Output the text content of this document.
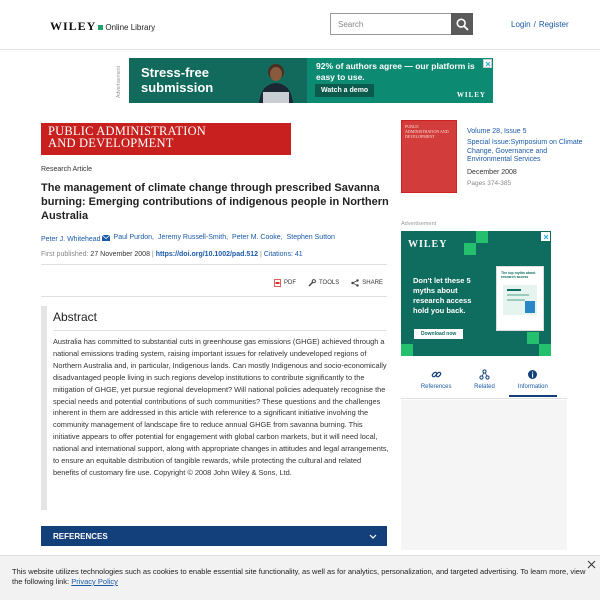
WILEY Online Library
Search	Login / Register
Advertisement	Stress-free
submission
92% of authors agree — our platform is easy to use.
Watch a demo
WILEY
PUBLIC ADMINISTRATION
AND DEVELOPMENT
Research Article
The management of climate change through prescribed Savanna burning: Emerging contributions of indigenous people in Northern Australia
Peter J. Whitehead	Paul Purdon, Jeremy Russell-Smith, Peter M. Cooke, Stephen Sutton
First published: 27 November 2008 | https://doi.org/10.1002/pad.512 | Citations: 41
PDF	TOOLS	SHARE
Abstract

Australia has committed to substantial cuts in greenhouse gas emissions (GHGE) achieved through a national emissions trading system, raising important issues for relatively undeveloped regions of Northern Australia and, in particular, Indigenous lands. Can mostly Indigenous and socio-economically disadvantaged people living in such regions develop institutions to contribute significantly to the mitigation of GHGE, yet pursue regional development? Will national policies adequately recognise the special needs and potential contributions of such communities? These questions and the challenges inherent in them are addressed in this article with reference to a significant initiative involving the community management of landscape fire to reduce annual GHGE from savanna burning. This initiative appears to offer potential for engagement with global carbon markets, but it will need local, national and international support, along with appropriate changes in attitudes and legal arrangements, to ensure an equitable distribution of tangible rewards, while protecting the cultural and related benefits of customary fire use. Copyright © 2008 John Wiley & Sons, Ltd.

REFERENCES
PUBLIC ADMINISTRATION AND DEVELOPMENT
Volume 28, Issue 5
Special Issue:Symposium on Climate Change, Governance and Environmental Services
December 2008
Pages 374-385
Advertisement
WILEY
Don't let these 5 myths about research access hold you back.
Download now
The top myths about research access
References	Related	Information

This website utilizes technologies such as cookies to enable essential site functionality, as well as for analytics, personalization, and targeted advertising. To learn more, view the following link: Privacy Policy
